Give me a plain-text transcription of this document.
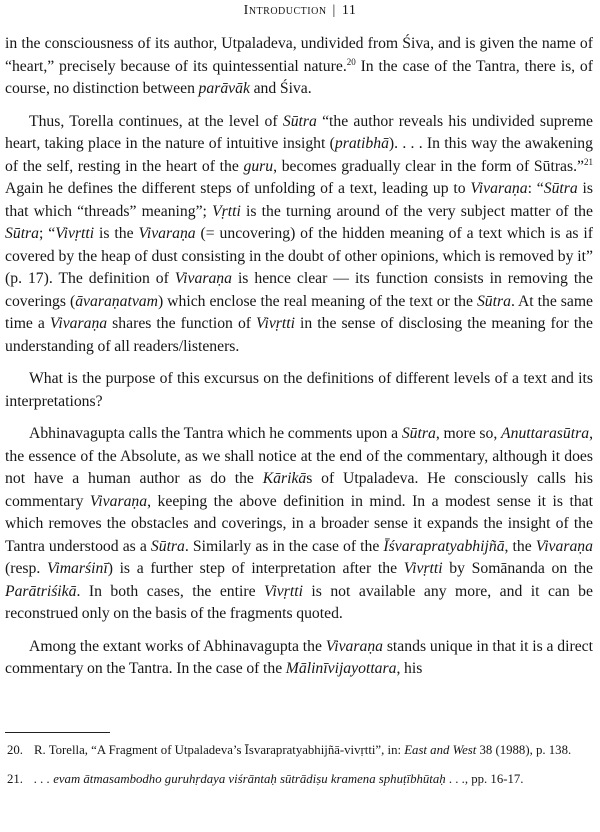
Introduction | 11

in the consciousness of its author, Utpaladeva, undivided from Śiva, and is given the name of “heart,” precisely because of its quintessential nature.$^{20}$ In the case of the Tantra, there is, of course, no distinction between parāvāk and Śiva.

Thus, Torella continues, at the level of Sūtra “the author reveals his undivided supreme heart, taking place in the nature of intuitive insight (pratibhā). . . . In this way the awakening of the self, resting in the heart of the guru, becomes gradually clear in the form of Sūtras.”$^{21}$ Again he defines the different steps of unfolding of a text, leading up to Vivaraṇa: “Sūtra is that which “threads” meaning”; Vṛtti is the turning around of the very subject matter of the Sūtra; “Vivṛtti is the Vivaraṇa (= uncovering) of the hidden meaning of a text which is as if covered by the heap of dust consisting in the doubt of other opinions, which is removed by it” (p. 17). The definition of Vivaraṇa is hence clear — its function consists in removing the coverings (āvaraṇatvam) which enclose the real meaning of the text or the Sūtra. At the same time a Vivaraṇa shares the function of Vivṛtti in the sense of disclosing the meaning for the understanding of all readers/listeners.

What is the purpose of this excursus on the definitions of different levels of a text and its interpretations?

Abhinavagupta calls the Tantra which he comments upon a Sūtra, more so, Anuttarasūtra, the essence of the Absolute, as we shall notice at the end of the commentary, although it does not have a human author as do the Kārikās of Utpaladeva. He consciously calls his commentary Vivaraṇa, keeping the above definition in mind. In a modest sense it is that which removes the obstacles and coverings, in a broader sense it expands the insight of the Tantra understood as a Sūtra. Similarly as in the case of the Īśvarapratyabhijñā, the Vivaraṇa (resp. Vimarśinī) is a further step of interpretation after the Vivṛtti by Somānanda on the Parātriśikā. In both cases, the entire Vivṛtti is not available any more, and it can be reconstrued only on the basis of the fragments quoted.

Among the extant works of Abhinavagupta the Vivaraṇa stands unique in that it is a direct commentary on the Tantra. In the case of the Mālinīvijayottara, his

20. R. Torella, “A Fragment of Utpaladeva’s Īsvarapratyabhijñā-vivṛtti”, in: East and West 38 (1988), p. 138.
21. . . . evam ātmasambodho guruhṛdaya viśrāntaḥ sūtrādiṣu kramena sphuṭībhūtaḥ . . ., pp. 16-17.
